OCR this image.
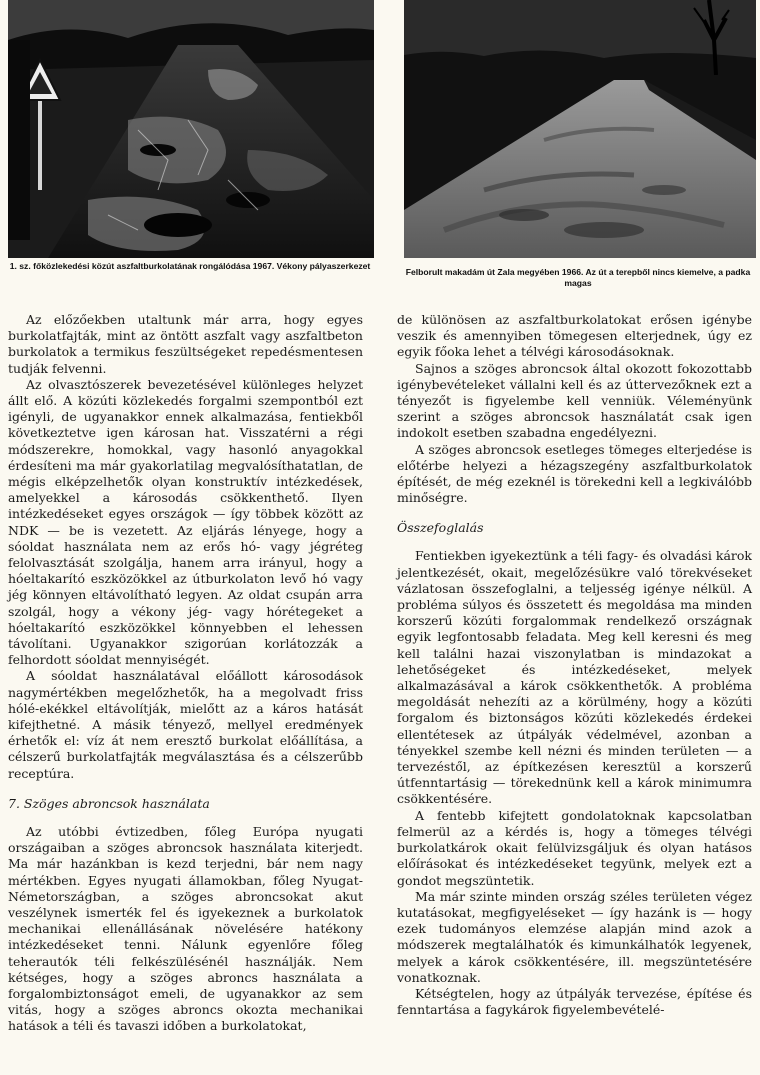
1. sz. főközlekedési közút aszfaltburkolatának rongálódása 1967. Vékony pályaszerkezet
Felborult makadám út Zala megyében 1966. Az út a terepből nincs kiemelve, a padka magas

Az előzőekben utaltunk már arra, hogy egyes burkolatfajták, mint az öntött aszfalt vagy aszfaltbeton burkolatok a termikus feszültségeket repedésmentesen tudják felvenni.

Az olvasztószerek bevezetésével különleges helyzet állt elő. A közúti közlekedés forgalmi szempontból ezt igényli, de ugyanakkor ennek alkalmazása, fentiekből következtetve igen károsan hat. Visszatérni a régi módszerekre, homokkal, vagy hasonló anyagokkal érdesíteni ma már gyakorlatilag megvalósíthatatlan, de mégis elképzelhetők olyan konstruktív intézkedések, amelyekkel a károsodás csökkenthető. Ilyen intézkedéseket egyes országok — így többek között az NDK — be is vezetett. Az eljárás lényege, hogy a sóoldat használata nem az erős hó- vagy jégréteg felolvasztását szolgálja, hanem arra irányul, hogy a hóeltakarító eszközökkel az útburkolaton levő hó vagy jég könnyen eltávolítható legyen. Az oldat csupán arra szolgál, hogy a vékony jég- vagy hórétegeket a hóeltakarító eszközökkel könnyebben el lehessen távolítani. Ugyanakkor szigorúan korlátozzák a felhordott sóoldat mennyiségét.

A sóoldat használatával előállott károsodások nagymértékben megelőzhetők, ha a megolvadt friss hólé-ekékkel eltávolítják, mielőtt az a káros hatását kifejthetné. A másik tényező, mellyel eredmények érhetők el: víz át nem eresztő burkolat előállítása, a célszerű burkolatfajták megválasztása és a célszerűbb receptúra.

7. Szöges abroncsok használata

Az utóbbi évtizedben, főleg Európa nyugati országaiban a szöges abroncsok használata kiterjedt. Ma már hazánkban is kezd terjedni, bár nem nagy mértékben. Egyes nyugati államokban, főleg Nyugat-Németországban, a szöges abroncsokat akut veszélynek ismerték fel és igyekeznek a burkolatok mechanikai ellenállásának növelésére hatékony intézkedéseket tenni. Nálunk egyenlőre főleg teherautók téli felkészülésénél használják. Nem kétséges, hogy a szöges abroncs használata a forgalombiztonságot emeli, de ugyanakkor az sem vitás, hogy a szöges abroncs okozta mechanikai hatások a téli és tavaszi időben a burkolatokat,

de különösen az aszfaltburkolatokat erősen igénybe veszik és amennyiben tömegesen elterjednek, úgy ez egyik főoka lehet a télvégi károsodásoknak.

Sajnos a szöges abroncsok által okozott fokozottabb igénybevételeket vállalni kell és az úttervezőknek ezt a tényezőt is figyelembe kell venniük. Véleményünk szerint a szöges abroncsok használatát csak igen indokolt esetben szabadna engedélyezni.

A szöges abroncsok esetleges tömeges elterjedése is előtérbe helyezi a hézagszegény aszfaltburkolatok építését, de még ezeknél is törekedni kell a legkiválóbb minőségre.

Összefoglalás

Fentiekben igyekeztünk a téli fagy- és olvadási károk jelentkezését, okait, megelőzésükre való törekvéseket vázlatosan összefoglalni, a teljesség igénye nélkül. A probléma súlyos és összetett és megoldása ma minden korszerű közúti forgalommak rendelkező országnak egyik legfontosabb feladata. Meg kell keresni és meg kell találni hazai viszonylatban is mindazokat a lehetőségeket és intézkedéseket, melyek alkalmazásával a károk csökkenthetők. A probléma megoldását nehezíti az a körülmény, hogy a közúti forgalom és biztonságos közúti közlekedés érdekei ellentétesek az útpályák védelmével, azonban a tényekkel szembe kell nézni és minden területen — a tervezéstől, az építkezésen keresztül a korszerű útfenntartásig — törekednünk kell a károk minimumra csökkentésére.

A fentebb kifejtett gondolatoknak kapcsolatban felmerül az a kérdés is, hogy a tömeges télvégi burkolatkárok okait felülvizsgáljuk és olyan hatásos előírásokat és intézkedéseket tegyünk, melyek ezt a gondot megszüntetik.

Ma már szinte minden ország széles területen végez kutatásokat, megfigyeléseket — így hazánk is — hogy ezek tudományos elemzése alapján mind azok a módszerek megtalálhatók és kimunkálhatók legyenek, melyek a károk csökkentésére, ill. megszüntetésére vonatkoznak.

Kétségtelen, hogy az útpályák tervezése, építése és fenntartása a fagykárok figyelembevételé-
